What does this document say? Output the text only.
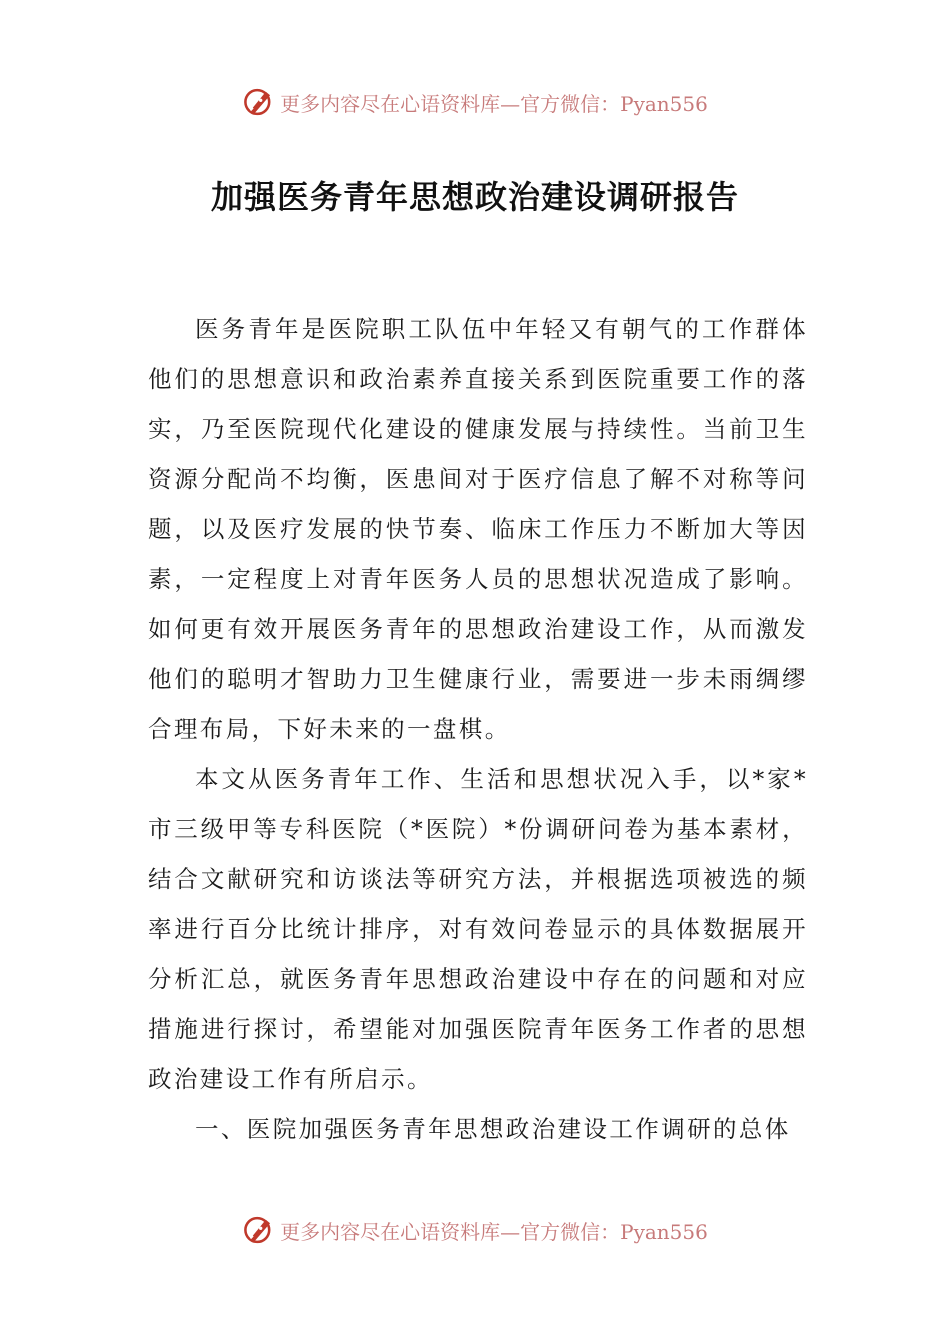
更多内容尽在心语资料库—官方微信：Pyan556
加强医务青年思想政治建设调研报告

医务青年是医院职工队伍中年轻又有朝气的工作群体他们的思想意识和政治素养直接关系到医院重要工作的落实，乃至医院现代化建设的健康发展与持续性。当前卫生资源分配尚不均衡，医患间对于医疗信息了解不对称等问题，以及医疗发展的快节奏、临床工作压力不断加大等因素，一定程度上对青年医务人员的思想状况造成了影响。如何更有效开展医务青年的思想政治建设工作，从而激发他们的聪明才智助力卫生健康行业，需要进一步未雨绸缪合理布局，下好未来的一盘棋。

本文从医务青年工作、生活和思想状况入手，以*家*市三级甲等专科医院（*医院）*份调研问卷为基本素材，结合文献研究和访谈法等研究方法，并根据选项被选的频率进行百分比统计排序，对有效问卷显示的具体数据展开分析汇总，就医务青年思想政治建设中存在的问题和对应措施进行探讨，希望能对加强医院青年医务工作者的思想政治建设工作有所启示。

一、医院加强医务青年思想政治建设工作调研的总体

更多内容尽在心语资料库—官方微信：Pyan556
